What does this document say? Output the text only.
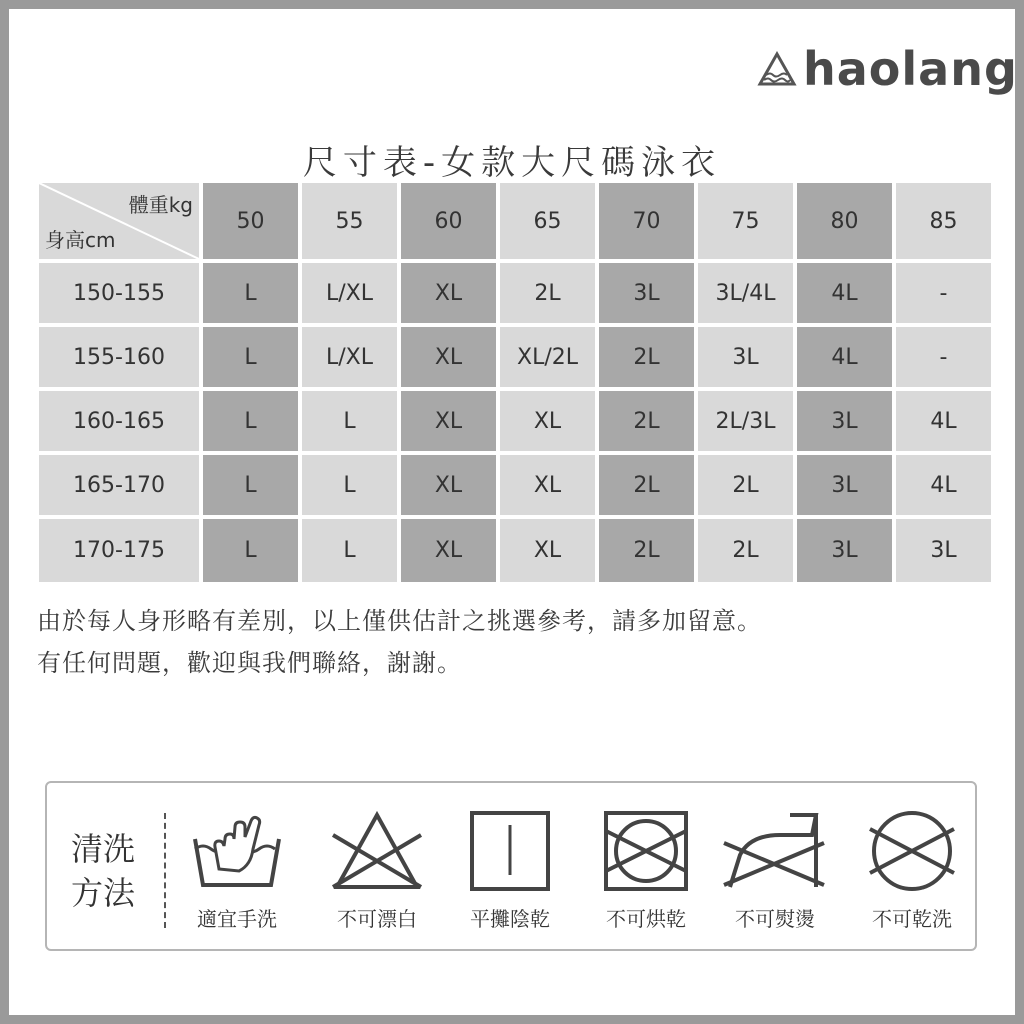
haolang
尺寸表-女款大尺碼泳衣
體重kg
身高cm	50	55	60	65	70	75	80	85
150-155	L	L/XL	XL	2L	3L	3L/4L	4L	-
155-160	L	L/XL	XL	XL/2L	2L	3L	4L	-
160-165	L	L	XL	XL	2L	2L/3L	3L	4L
165-170	L	L	XL	XL	2L	2L	3L	4L
170-175	L	L	XL	XL	2L	2L	3L	3L
由於每人身形略有差別，以上僅供估計之挑選參考，請多加留意。
有任何問題，歡迎與我們聯絡，謝謝。
清洗
方法
適宜手洗	不可漂白	平攤陰乾	不可烘乾	不可熨燙	不可乾洗
